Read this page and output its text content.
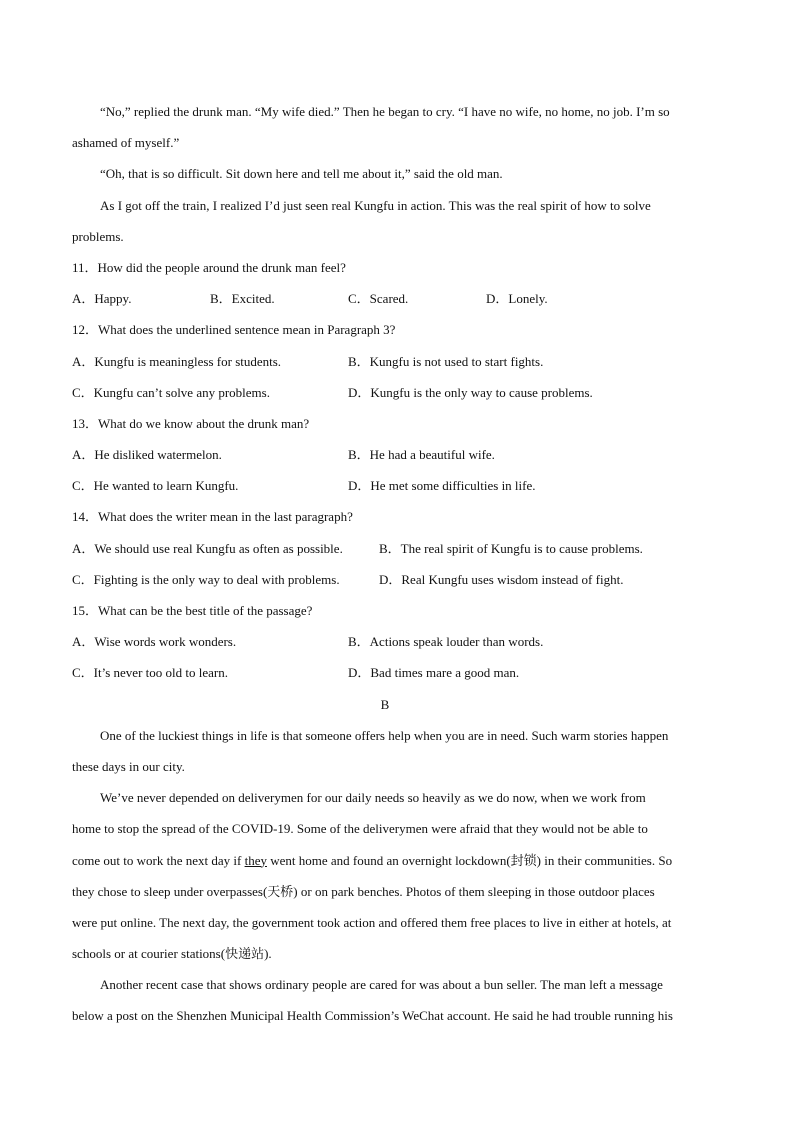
“No,” replied the drunk man. “My wife died.” Then he began to cry. “I have no wife, no home, no job. I’m so
ashamed of myself.”
“Oh, that is so difficult. Sit down here and tell me about it,” said the old man.
As I got off the train, I realized I’d just seen real Kungfu in action. This was the real spirit of how to solve
problems.
11．How did the people around the drunk man feel?
A．Happy.	B．Excited.	C．Scared.	D．Lonely.
12．What does the underlined sentence mean in Paragraph 3?
A．Kungfu is meaningless for students.	B．Kungfu is not used to start fights.
C．Kungfu can’t solve any problems.	D．Kungfu is the only way to cause problems.
13．What do we know about the drunk man?
A．He disliked watermelon.	B．He had a beautiful wife.
C．He wanted to learn Kungfu.	D．He met some difficulties in life.
14．What does the writer mean in the last paragraph?
A．We should use real Kungfu as often as possible.	B．The real spirit of Kungfu is to cause problems.
C．Fighting is the only way to deal with problems.	D．Real Kungfu uses wisdom instead of fight.
15．What can be the best title of the passage?
A．Wise words work wonders.	B．Actions speak louder than words.
C．It’s never too old to learn.	D．Bad times mare a good man.
B
One of the luckiest things in life is that someone offers help when you are in need. Such warm stories happen
these days in our city.
We’ve never depended on deliverymen for our daily needs so heavily as we do now, when we work from
home to stop the spread of the COVID-19. Some of the deliverymen were afraid that they would not be able to
come out to work the next day if they went home and found an overnight lockdown(封锁) in their communities. So
they chose to sleep under overpasses(天桥) or on park benches. Photos of them sleeping in those outdoor places
were put online. The next day, the government took action and offered them free places to live in either at hotels, at
schools or at courier stations(快递站).
Another recent case that shows ordinary people are cared for was about a bun seller. The man left a message
below a post on the Shenzhen Municipal Health Commission’s WeChat account. He said he had trouble running his
